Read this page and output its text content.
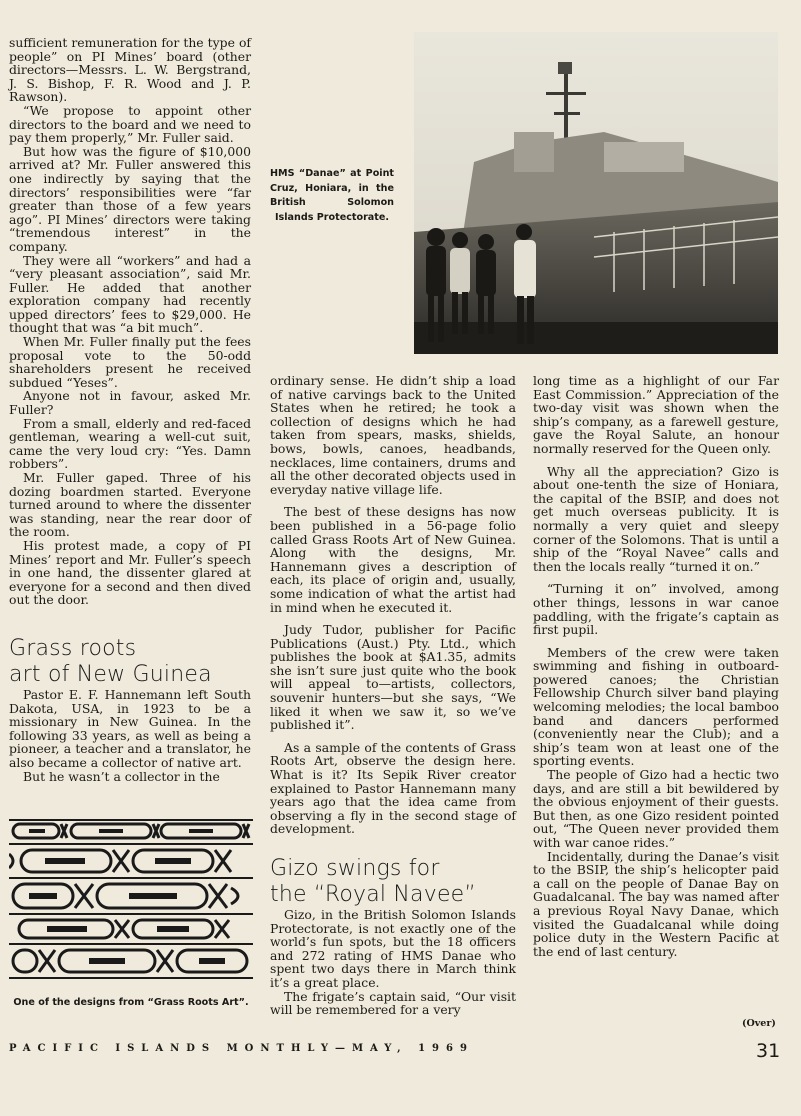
sufficient remuneration for the type of people” on PI Mines’ board (other directors—Messrs. L. W. Bergstrand, J. S. Bishop, F. R. Wood and J. P. Rawson).

“We propose to appoint other directors to the board and we need to pay them properly,” Mr. Fuller said.

But how was the figure of $10,000 arrived at? Mr. Fuller answered this one indirectly by saying that the directors’ responsibilities were “far greater than those of a few years ago”. PI Mines’ directors were taking “tremendous interest” in the company.

They were all “workers” and had a “very pleasant association”, said Mr. Fuller. He added that another exploration company had recently upped directors’ fees to $29,000. He thought that was “a bit much”.

When Mr. Fuller finally put the fees proposal vote to the 50-odd shareholders present he received subdued “Yeses”.

Anyone not in favour, asked Mr. Fuller?

From a small, elderly and red-faced gentleman, wearing a well-cut suit, came the very loud cry: “Yes. Damn robbers”.

Mr. Fuller gaped. Three of his dozing boardmen started. Everyone turned around to where the dissenter was standing, near the rear door of the room.

His protest made, a copy of PI Mines’ report and Mr. Fuller’s speech in one hand, the dissenter glared at everyone for a second and then dived out the door.

Grass roots
art of New Guinea

Pastor E. F. Hannemann left South Dakota, USA, in 1923 to be a missionary in New Guinea. In the following 33 years, as well as being a pioneer, a teacher and a translator, he also became a collector of native art.

But he wasn’t a collector in the

One of the designs from “Grass Roots Art”.

ordinary sense. He didn’t ship a load of native carvings back to the United States when he retired; he took a collection of designs which he had taken from spears, masks, shields, bows, bowls, canoes, headbands, necklaces, lime containers, drums and all the other decorated objects used in everyday native village life.

The best of these designs has now been published in a 56-page folio called Grass Roots Art of New Guinea. Along with the designs, Mr. Hannemann gives a description of each, its place of origin and, usually, some indication of what the artist had in mind when he executed it.

Judy Tudor, publisher for Pacific Publications (Aust.) Pty. Ltd., which publishes the book at $A1.35, admits she isn’t sure just quite who the book will appeal to—artists, collectors, souvenir hunters—but she says, “We liked it when we saw it, so we’ve published it”.

As a sample of the contents of Grass Roots Art, observe the design here. What is it? Its Sepik River creator explained to Pastor Hannemann many years ago that the idea came from observing a fly in the second stage of development.

Gizo swings for
the “Royal Navee”

Gizo, in the British Solomon Islands Protectorate, is not exactly one of the world’s fun spots, but the 18 officers and 272 rating of HMS Danae who spent two days there in March think it’s a great place.

The frigate’s captain said, “Our visit will be remembered for a very

long time as a highlight of our Far East Commission.” Appreciation of the two-day visit was shown when the ship’s company, as a farewell gesture, gave the Royal Salute, an honour normally reserved for the Queen only.

Why all the appreciation? Gizo is about one-tenth the size of Honiara, the capital of the BSIP, and does not get much overseas publicity. It is normally a very quiet and sleepy corner of the Solomons. That is until a ship of the “Royal Navee” calls and then the locals really “turned it on.”

“Turning it on” involved, among other things, lessons in war canoe paddling, with the frigate’s captain as first pupil.

Members of the crew were taken swimming and fishing in outboard-powered canoes; the Christian Fellowship Church silver band playing welcoming melodies; the local bamboo band and dancers performed (conveniently near the Club); and a ship’s team won at least one of the sporting events.

The people of Gizo had a hectic two days, and are still a bit bewildered by the obvious enjoyment of their guests. But then, as one Gizo resident pointed out, “The Queen never provided them with war canoe rides.”

Incidentally, during the Danae’s visit to the BSIP, the ship’s helicopter paid a call on the people of Danae Bay on Guadalcanal. The bay was named after a previous Royal Navy Danae, which visited the Guadalcanal while doing police duty in the Western Pacific at the end of last century.

HMS “Danae” at Point Cruz, Honiara, in the British Solomon Islands Protectorate.
PACIFIC ISLANDS MONTHLY—MAY, 1969
(Over)
31
